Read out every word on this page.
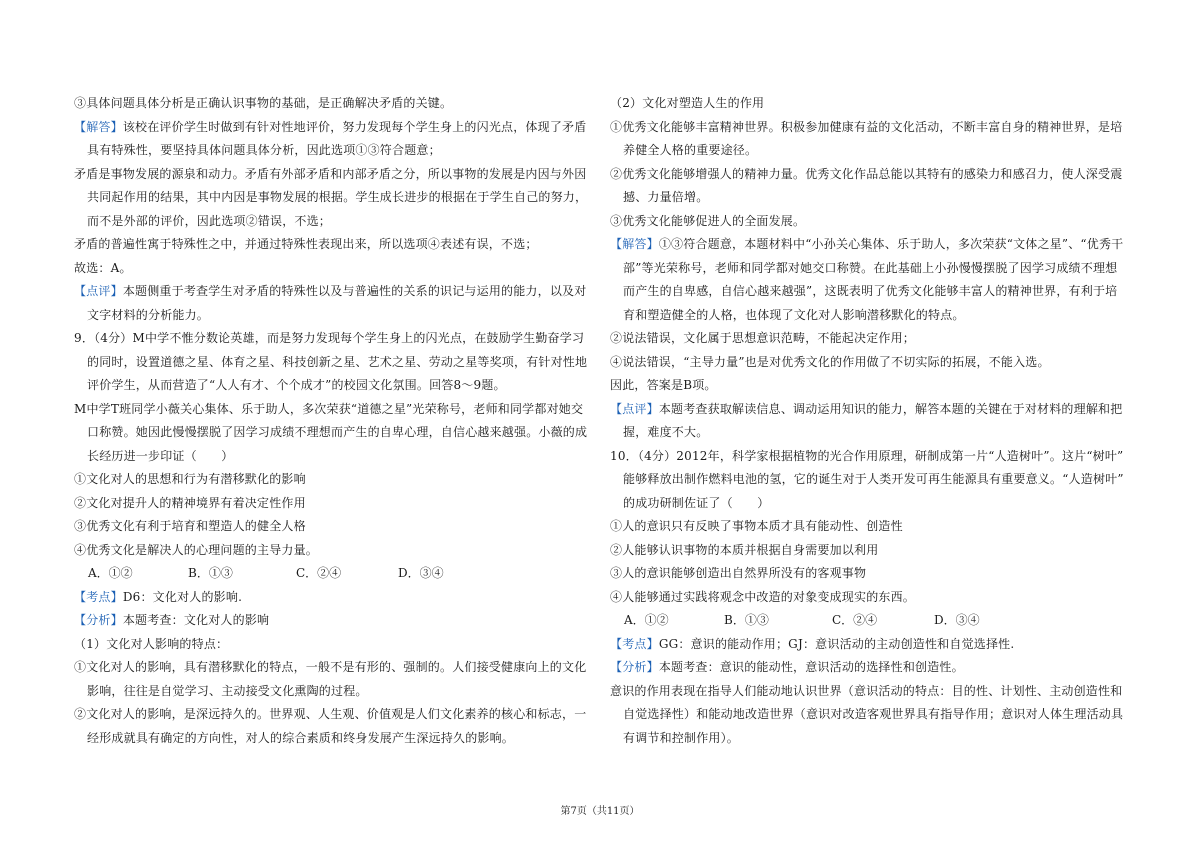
③具体问题具体分析是正确认识事物的基础，是正确解决矛盾的关键。
【解答】该校在评价学生时做到有针对性地评价，努力发现每个学生身上的闪光点，体现了矛盾
具有特殊性，要坚持具体问题具体分析，因此选项①③符合题意；
矛盾是事物发展的源泉和动力。矛盾有外部矛盾和内部矛盾之分，所以事物的发展是内因与外因
共同起作用的结果，其中内因是事物发展的根据。学生成长进步的根据在于学生自己的努力，
而不是外部的评价，因此选项②错误，不选；
矛盾的普遍性寓于特殊性之中，并通过特殊性表现出来，所以选项④表述有误，不选；
故选：A。
【点评】本题侧重于考查学生对矛盾的特殊性以及与普遍性的关系的识记与运用的能力，以及对
文字材料的分析能力。
9．（4分）M中学不惟分数论英雄，而是努力发现每个学生身上的闪光点，在鼓励学生勤奋学习
的同时，设置道德之星、体育之星、科技创新之星、艺术之星、劳动之星等奖项，有针对性地
评价学生，从而营造了“人人有才、个个成才”的校园文化氛围。回答8～9题。
M中学T班同学小薇关心集体、乐于助人，多次荣获“道德之星”光荣称号，老师和同学都对她交
口称赞。她因此慢慢摆脱了因学习成绩不理想而产生的自卑心理，自信心越来越强。小薇的成
长经历进一步印证（　　）
①文化对人的思想和行为有潜移默化的影响
②文化对提升人的精神境界有着决定性作用
③优秀文化有利于培育和塑造人的健全人格
④优秀文化是解决人的心理问题的主导力量。
A．①②	B．①③	C．②④	D．③④
【考点】D6：文化对人的影响.
【分析】本题考查：文化对人的影响
（1）文化对人影响的特点：
①文化对人的影响，具有潜移默化的特点，一般不是有形的、强制的。人们接受健康向上的文化
影响，往往是自觉学习、主动接受文化熏陶的过程。
②文化对人的影响，是深远持久的。世界观、人生观、价值观是人们文化素养的核心和标志，一
经形成就具有确定的方向性，对人的综合素质和终身发展产生深远持久的影响。
（2）文化对塑造人生的作用
①优秀文化能够丰富精神世界。积极参加健康有益的文化活动，不断丰富自身的精神世界，是培
养健全人格的重要途径。
②优秀文化能够增强人的精神力量。优秀文化作品总能以其特有的感染力和感召力，使人深受震
撼、力量倍增。
③优秀文化能够促进人的全面发展。
【解答】①③符合题意，本题材料中“小孙关心集体、乐于助人，多次荣获“文体之星”、“优秀干
部”等光荣称号，老师和同学都对她交口称赞。在此基础上小孙慢慢摆脱了因学习成绩不理想
而产生的自卑感，自信心越来越强”，这既表明了优秀文化能够丰富人的精神世界，有利于培
育和塑造健全的人格，也体现了文化对人影响潜移默化的特点。
②说法错误，文化属于思想意识范畴，不能起决定作用；
④说法错误，“主导力量”也是对优秀文化的作用做了不切实际的拓展，不能入选。
因此，答案是B项。
【点评】本题考查获取解读信息、调动运用知识的能力，解答本题的关键在于对材料的理解和把
握，难度不大。
10．（4分）2012年，科学家根据植物的光合作用原理，研制成第一片“人造树叶”。这片“树叶”
能够释放出制作燃料电池的氢，它的诞生对于人类开发可再生能源具有重要意义。“人造树叶”
的成功研制佐证了（　　）
①人的意识只有反映了事物本质才具有能动性、创造性
②人能够认识事物的本质并根据自身需要加以利用
③人的意识能够创造出自然界所没有的客观事物
④人能够通过实践将观念中改造的对象变成现实的东西。
A．①②	B．①③	C．②④	D．③④
【考点】GG：意识的能动作用；GJ：意识活动的主动创造性和自觉选择性.
【分析】本题考查：意识的能动性，意识活动的选择性和创造性。
意识的作用表现在指导人们能动地认识世界（意识活动的特点：目的性、计划性、主动创造性和
自觉选择性）和能动地改造世界（意识对改造客观世界具有指导作用；意识对人体生理活动具
有调节和控制作用）。
第7页（共11页）
